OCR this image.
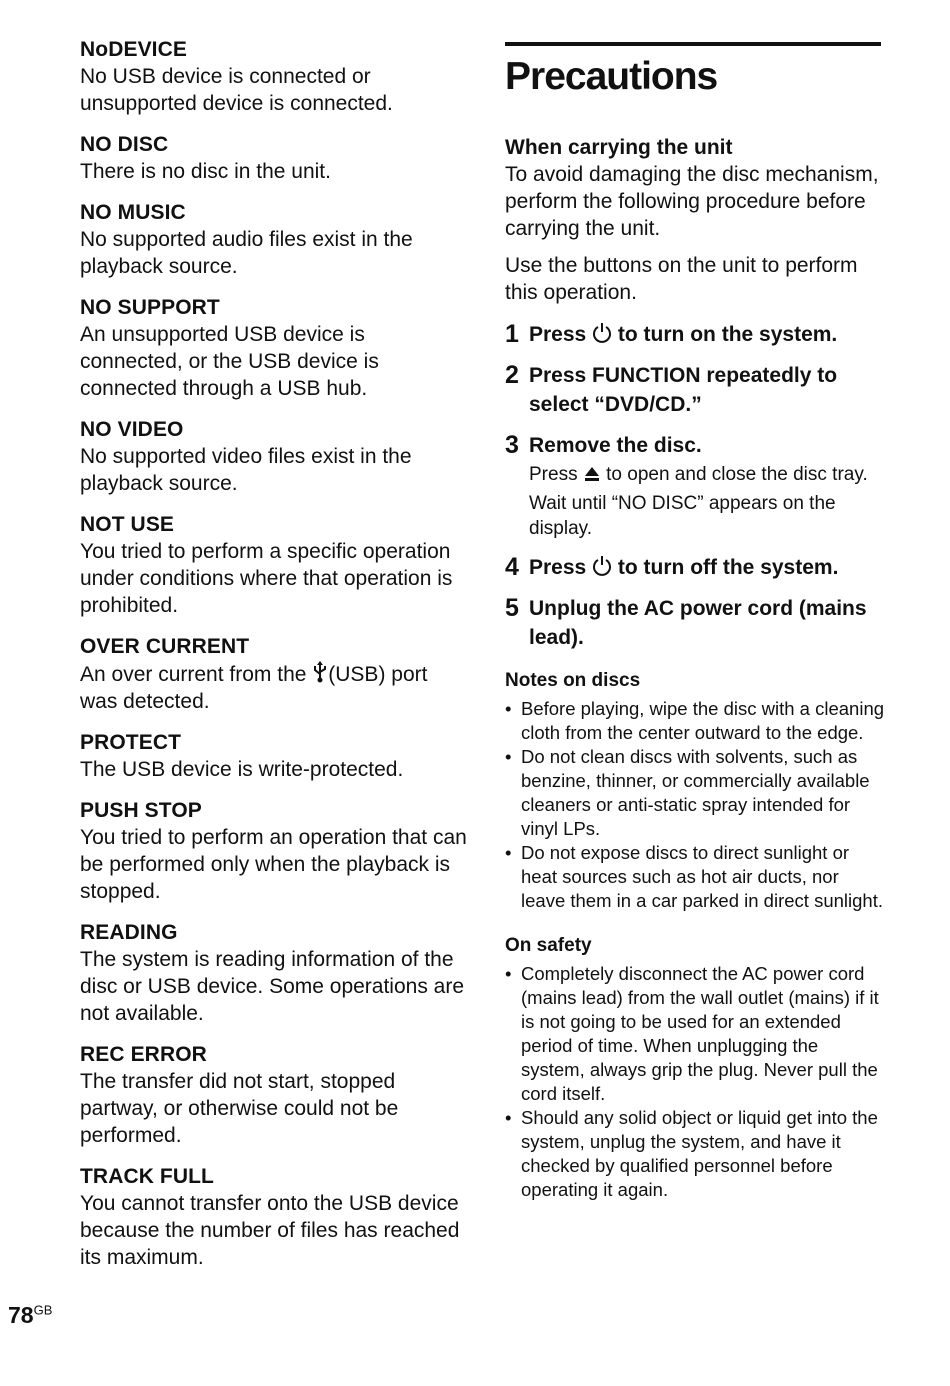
NoDEVICE
No USB device is connected or unsupported device is connected.
NO DISC
There is no disc in the unit.
NO MUSIC
No supported audio files exist in the playback source.
NO SUPPORT
An unsupported USB device is connected, or the USB device is connected through a USB hub.
NO VIDEO
No supported video files exist in the playback source.
NOT USE
You tried to perform a specific operation under conditions where that operation is prohibited.
OVER CURRENT
An over current from the (USB) port was detected.
PROTECT
The USB device is write-protected.
PUSH STOP
You tried to perform an operation that can be performed only when the playback is stopped.
READING
The system is reading information of the disc or USB device. Some operations are not available.
REC ERROR
The transfer did not start, stopped partway, or otherwise could not be performed.
TRACK FULL
You cannot transfer onto the USB device because the number of files has reached its maximum.
Precautions
When carrying the unit
To avoid damaging the disc mechanism, perform the following procedure before carrying the unit.
Use the buttons on the unit to perform this operation.
1 Press  to turn on the system.
2 Press FUNCTION repeatedly to select “DVD/CD.”
3 Remove the disc.
Press  to open and close the disc tray.
Wait until “NO DISC” appears on the display.
4 Press  to turn off the system.
5 Unplug the AC power cord (mains lead).
Notes on discs
• Before playing, wipe the disc with a cleaning cloth from the center outward to the edge.
• Do not clean discs with solvents, such as benzine, thinner, or commercially available cleaners or anti-static spray intended for vinyl LPs.
• Do not expose discs to direct sunlight or heat sources such as hot air ducts, nor leave them in a car parked in direct sunlight.
On safety
• Completely disconnect the AC power cord (mains lead) from the wall outlet (mains) if it is not going to be used for an extended period of time. When unplugging the system, always grip the plug. Never pull the cord itself.
• Should any solid object or liquid get into the system, unplug the system, and have it checked by qualified personnel before operating it again.
$78^{GB}$
